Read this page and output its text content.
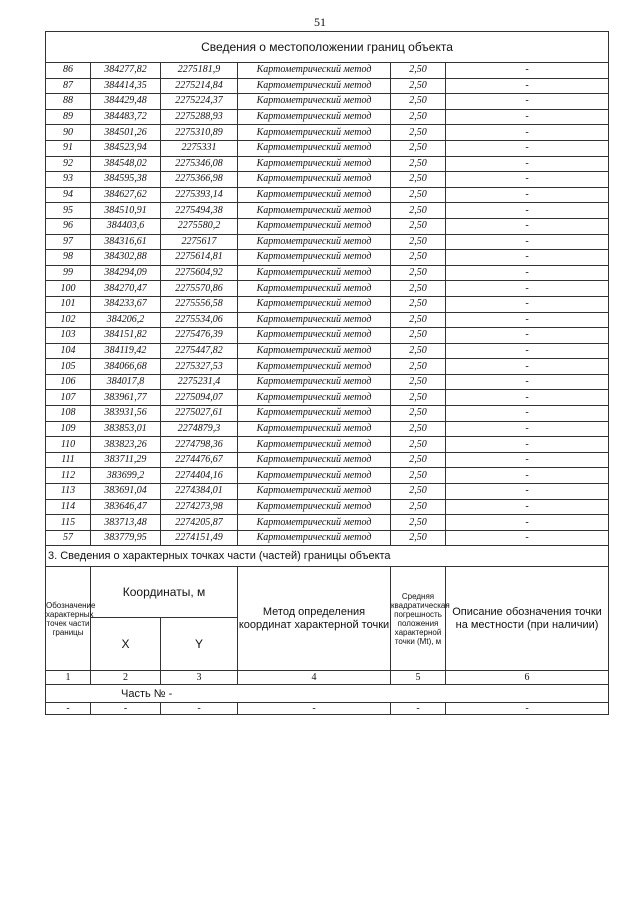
51
Сведения о местоположении границ объекта					
86	384277,82	2275181,9	Картометрический метод	2,50	-
87	384414,35	2275214,84	Картометрический метод	2,50	-
88	384429,48	2275224,37	Картометрический метод	2,50	-
89	384483,72	2275288,93	Картометрический метод	2,50	-
90	384501,26	2275310,89	Картометрический метод	2,50	-
91	384523,94	2275331	Картометрический метод	2,50	-
92	384548,02	2275346,08	Картометрический метод	2,50	-
93	384595,38	2275366,98	Картометрический метод	2,50	-
94	384627,62	2275393,14	Картометрический метод	2,50	-
95	384510,91	2275494,38	Картометрический метод	2,50	-
96	384403,6	2275580,2	Картометрический метод	2,50	-
97	384316,61	2275617	Картометрический метод	2,50	-
98	384302,88	2275614,81	Картометрический метод	2,50	-
99	384294,09	2275604,92	Картометрический метод	2,50	-
100	384270,47	2275570,86	Картометрический метод	2,50	-
101	384233,67	2275556,58	Картометрический метод	2,50	-
102	384206,2	2275534,06	Картометрический метод	2,50	-
103	384151,82	2275476,39	Картометрический метод	2,50	-
104	384119,42	2275447,82	Картометрический метод	2,50	-
105	384066,68	2275327,53	Картометрический метод	2,50	-
106	384017,8	2275231,4	Картометрический метод	2,50	-
107	383961,77	2275094,07	Картометрический метод	2,50	-
108	383931,56	2275027,61	Картометрический метод	2,50	-
109	383853,01	2274879,3	Картометрический метод	2,50	-
110	383823,26	2274798,36	Картометрический метод	2,50	-
111	383711,29	2274476,67	Картометрический метод	2,50	-
112	383699,2	2274404,16	Картометрический метод	2,50	-
113	383691,04	2274384,01	Картометрический метод	2,50	-
114	383646,47	2274273,98	Картометрический метод	2,50	-
115	383713,48	2274205,87	Картометрический метод	2,50	-
57	383779,95	2274151,49	Картометрический метод	2,50	-
3. Сведения о характерных точках части (частей) границы объекта					
Обозначение характерных точек части границы	Координаты, м		Метод определения координат характерной точки	Средняя квадратическая погрешность положения характерной точки (Mt), м	Описание обозначения точки на местности (при наличии)
	X	Y			
1	2	3	4	5	6
Часть № -					
-	-	-	-	-	-
